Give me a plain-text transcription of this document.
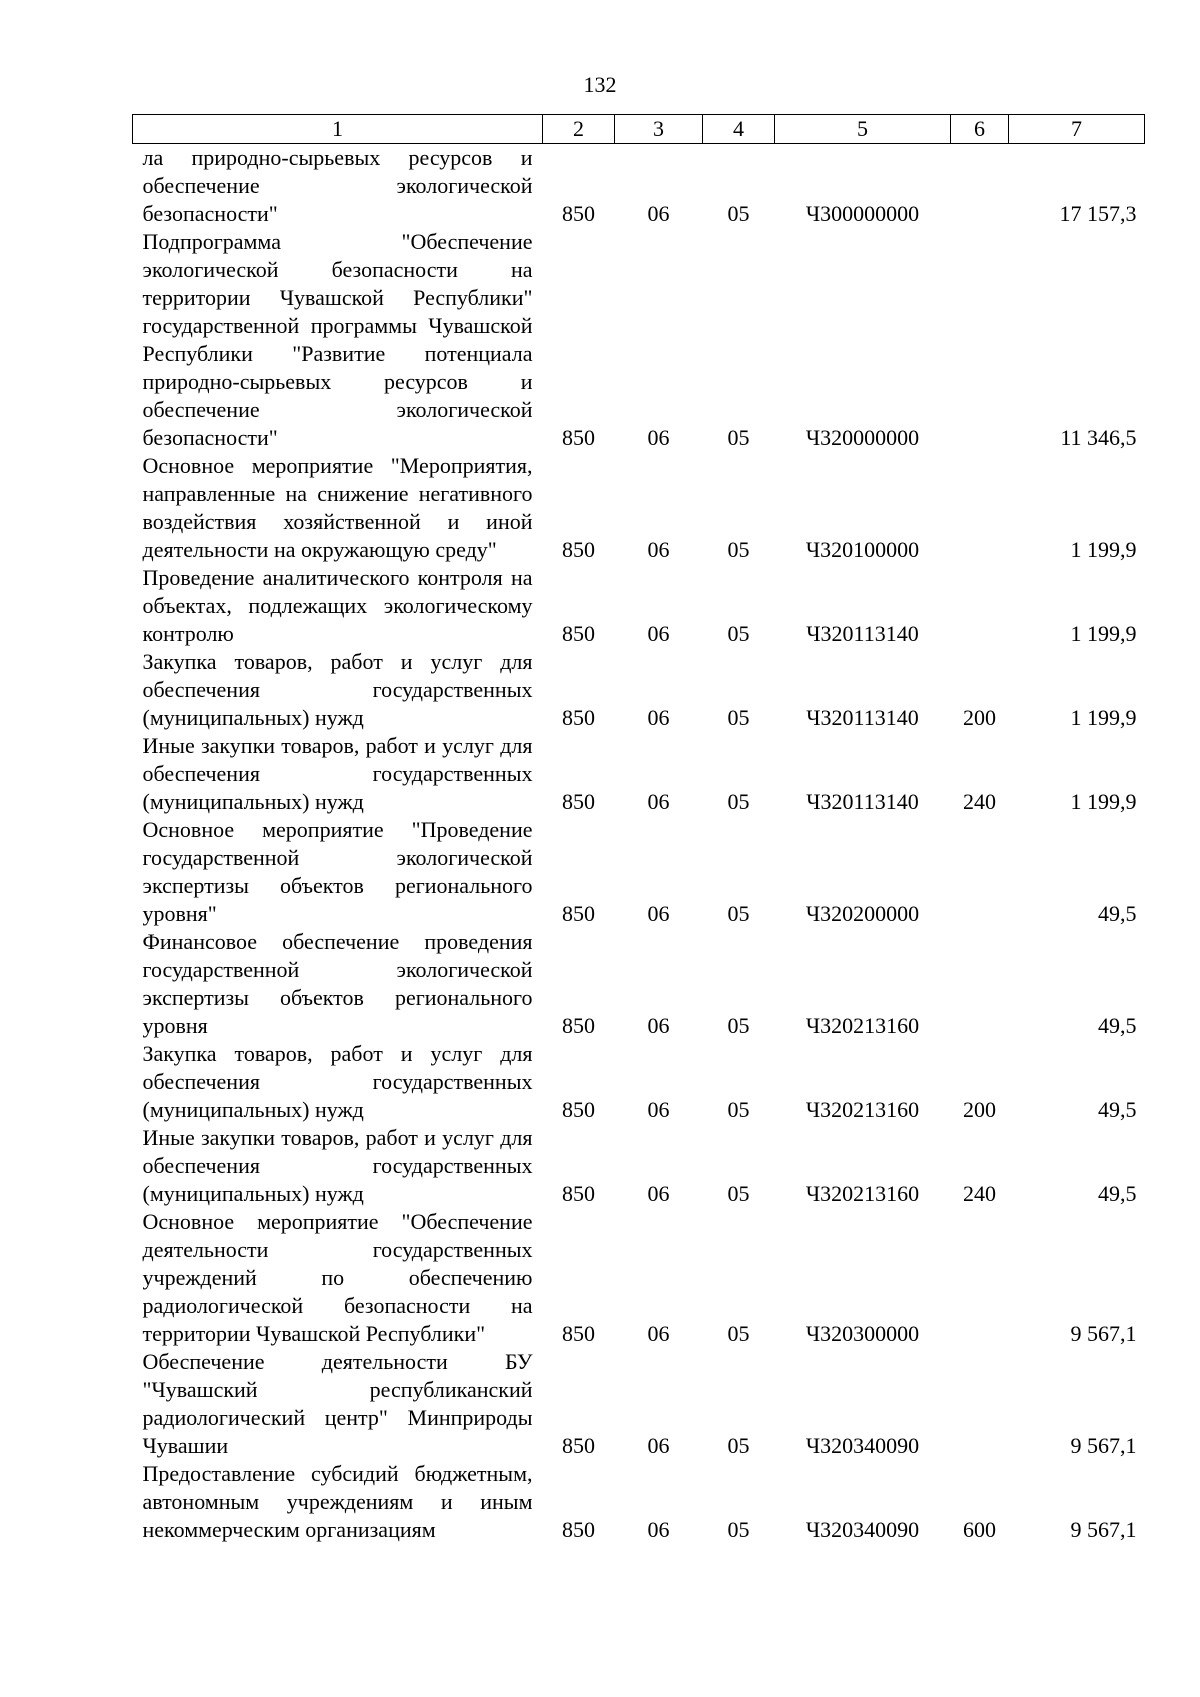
132
1	2	3	4	5	6	7

ла природно-сырьевых ресурсов и обеспечение экологической безопасности"	850	06	05	Ч300000000		17 157,3

Подпрограмма "Обеспечение экологической безопасности на территории Чувашской Республики" государственной программы Чувашской Республики "Развитие потенциала природно-сырьевых ресурсов и обеспечение экологической безопасности"	850	06	05	Ч320000000		11 346,5

Основное мероприятие "Мероприятия, направленные на снижение негативного воздействия хозяйственной и иной деятельности на окружающую среду"	850	06	05	Ч320100000		1 199,9

Проведение аналитического контроля на объектах, подлежащих экологическому контролю	850	06	05	Ч320113140		1 199,9

Закупка товаров, работ и услуг для обеспечения государственных (муниципальных) нужд	850	06	05	Ч320113140	200	1 199,9

Иные закупки товаров, работ и услуг для обеспечения государственных (муниципальных) нужд	850	06	05	Ч320113140	240	1 199,9

Основное мероприятие "Проведение государственной экологической экспертизы объектов регионального уровня"	850	06	05	Ч320200000		49,5

Финансовое обеспечение проведения государственной экологической экспертизы объектов регионального уровня	850	06	05	Ч320213160		49,5

Закупка товаров, работ и услуг для обеспечения государственных (муниципальных) нужд	850	06	05	Ч320213160	200	49,5

Иные закупки товаров, работ и услуг для обеспечения государственных (муниципальных) нужд	850	06	05	Ч320213160	240	49,5

Основное мероприятие "Обеспечение деятельности государственных учреждений по обеспечению радиологической безопасности на территории Чувашской Республики"	850	06	05	Ч320300000		9 567,1

Обеспечение деятельности БУ "Чувашский республиканский радиологический центр" Минприроды Чувашии	850	06	05	Ч320340090		9 567,1

Предоставление субсидий бюджетным, автономным учреждениям и иным некоммерческим организациям	850	06	05	Ч320340090	600	9 567,1
